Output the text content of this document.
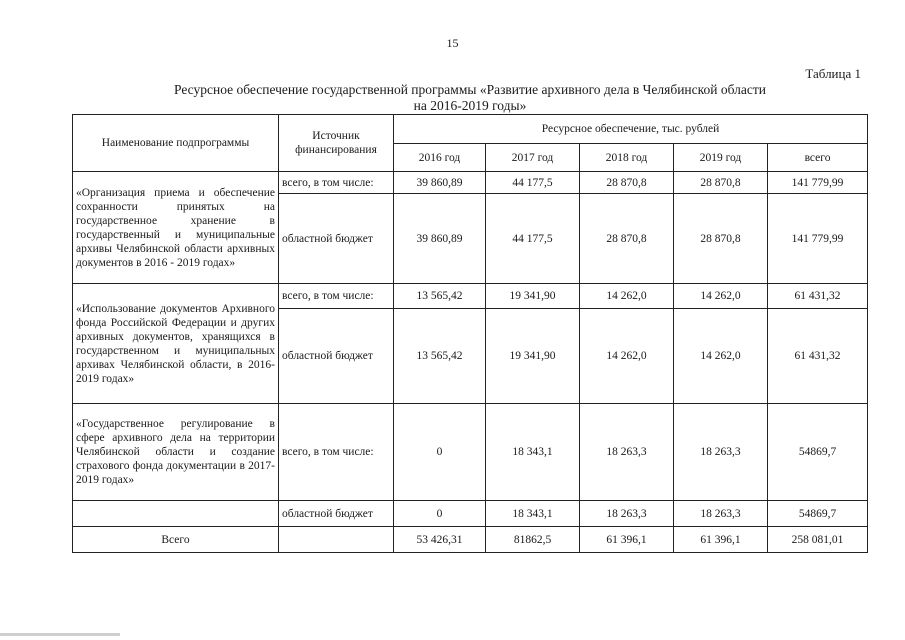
15
Таблица 1
Ресурсное обеспечение государственной программы «Развитие архивного дела в Челябинской области
на 2016-2019 годы»
Наименование подпрограммы	Источник финансирования	Ресурсное обеспечение, тыс. рублей				
		2016 год	2017 год	2018 год	2019 год	всего
«Организация приема и обеспечение сохранности принятых на государственное хранение в государственный и муниципальные архивы Челябинской области архивных документов в 2016 - 2019 годах»	всего, в том числе:	39 860,89	44 177,5	28 870,8	28 870,8	141 779,99
	областной бюджет	39 860,89	44 177,5	28 870,8	28 870,8	141 779,99
«Использование документов Архивного фонда Российской Федерации и других архивных документов, хранящихся в государственном и муниципальных архивах Челябинской области, в 2016-2019 годах»	всего, в том числе:	13 565,42	19 341,90	14 262,0	14 262,0	61 431,32
	областной бюджет	13 565,42	19 341,90	14 262,0	14 262,0	61 431,32
«Государственное регулирование в сфере архивного дела на территории Челябинской области и создание страхового фонда документации в 2017-2019 годах»	всего, в том числе:	0	18 343,1	18 263,3	18 263,3	54869,7
	областной бюджет	0	18 343,1	18 263,3	18 263,3	54869,7
Всего		53 426,31	81862,5	61 396,1	61 396,1	258 081,01
